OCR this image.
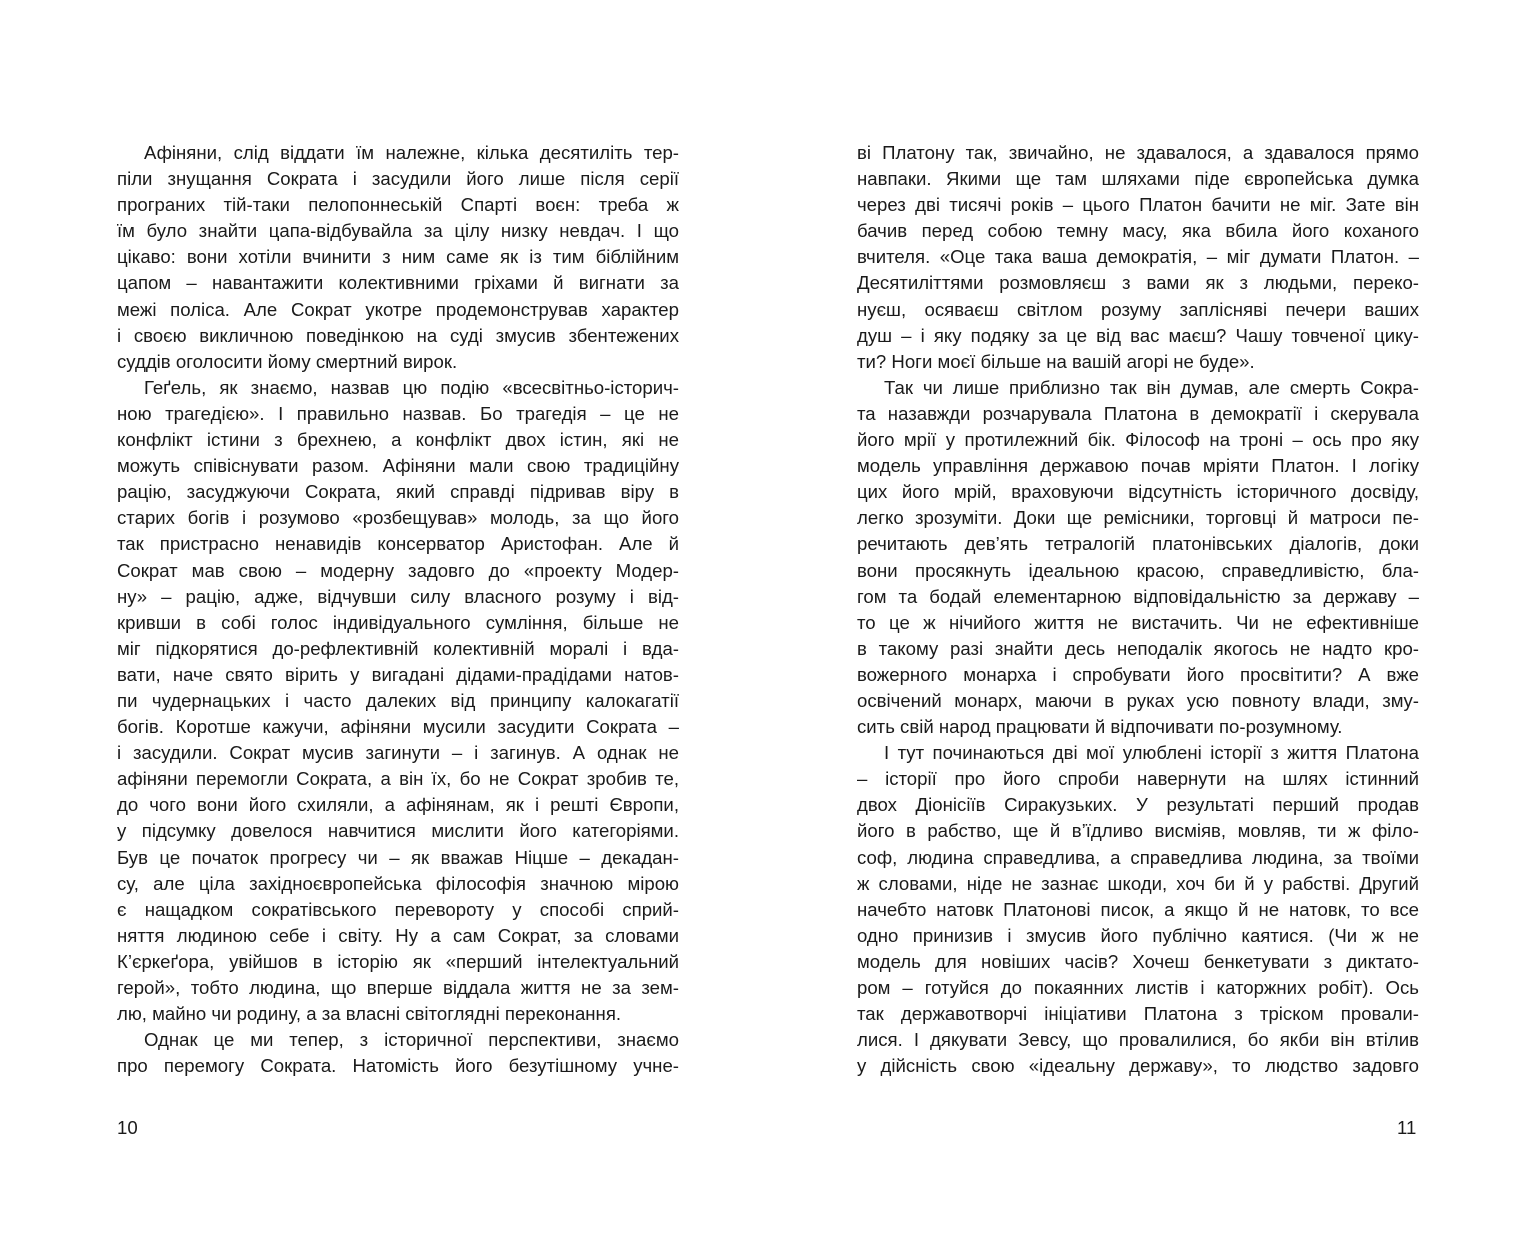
Афіняни, слід віддати їм належне, кілька десятиліть тер-
піли знущання Сократа і засудили його лише після серії
програних тій-таки пелопоннеській Спарті воєн: треба ж
їм було знайти цапа-відбувайла за цілу низку невдач. І що
цікаво: вони хотіли вчинити з ним саме як із тим біблійним
цапом – навантажити колективними гріхами й вигнати за
межі поліса. Але Сократ укотре продемонстрував характер
і своєю викличною поведінкою на суді змусив збентежених
суддів оголосити йому смертний вирок.
Геґель, як знаємо, назвав цю подію «всесвітньо-історич-
ною трагедією». І правильно назвав. Бо трагедія – це не
конфлікт істини з брехнею, а конфлікт двох істин, які не
можуть співіснувати разом. Афіняни мали свою традиційну
рацію, засуджуючи Сократа, який справді підривав віру в
старих богів і розумово «розбещував» молодь, за що його
так пристрасно ненавидів консерватор Аристофан. Але й
Сократ мав свою – модерну задовго до «проекту Модер-
ну» – рацію, адже, відчувши силу власного розуму і від-
кривши в собі голос індивідуального сумління, більше не
міг підкорятися до-рефлективній колективній моралі і вда-
вати, наче свято вірить у вигадані дідами-прадідами натов-
пи чудернацьких і часто далеких від принципу калокагатії
богів. Коротше кажучи, афіняни мусили засудити Сократа –
і засудили. Сократ мусив загинути – і загинув. А однак не
афіняни перемогли Сократа, а він їх, бо не Сократ зробив те,
до чого вони його схиляли, а афінянам, як і решті Європи,
у підсумку довелося навчитися мислити його категоріями.
Був це початок прогресу чи – як вважав Ніцше – декадан-
су, але ціла західноєвропейська філософія значною мірою
є нащадком сократівського перевороту у способі сприй-
няття людиною себе і світу. Ну а сам Сократ, за словами
К’єркеґора, увійшов в історію як «перший інтелектуальний
герой», тобто людина, що вперше віддала життя не за зем-
лю, майно чи родину, а за власні світоглядні переконання.
Однак це ми тепер, з історичної перспективи, знаємо
про перемогу Сократа. Натомість його безутішному учне-
ві Платону так, звичайно, не здавалося, а здавалося прямо
навпаки. Якими ще там шляхами піде європейська думка
через дві тисячі років – цього Платон бачити не міг. Зате він
бачив перед собою темну масу, яка вбила його коханого
вчителя. «Оце така ваша демократія, – міг думати Платон. –
Десятиліттями розмовляєш з вами як з людьми, переко-
нуєш, осяваєш світлом розуму заплісняві печери ваших
душ – і яку подяку за це від вас маєш? Чашу товченої цику-
ти? Ноги моєї більше на вашій агорі не буде».
Так чи лише приблизно так він думав, але смерть Сокра-
та назавжди розчарувала Платона в демократії і скерувала
його мрії у протилежний бік. Філософ на троні – ось про яку
модель управління державою почав мріяти Платон. І логіку
цих його мрій, враховуючи відсутність історичного досвіду,
легко зрозуміти. Доки ще ремісники, торговці й матроси пе-
речитають дев’ять тетралогій платонівських діалогів, доки
вони просякнуть ідеальною красою, справедливістю, бла-
гом та бодай елементарною відповідальністю за державу –
то це ж нічийого життя не вистачить. Чи не ефективніше
в такому разі знайти десь неподалік якогось не надто кро-
вожерного монарха і спробувати його просвітити? А вже
освічений монарх, маючи в руках усю повноту влади, змy-
сить свій народ працювати й відпочивати по-розумному.
І тут починаються дві мої улюблені історії з життя Платона
– історії про його спроби навернути на шлях істинний
двох Діонісіїв Сиракузьких. У результаті перший продав
його в рабство, ще й в’їдливо висміяв, мовляв, ти ж філо-
соф, людина справедлива, а справедлива людина, за твоїми
ж словами, ніде не зазнає шкоди, хоч би й у рабстві. Другий
начебто натовк Платонові писок, а якщо й не натовк, то все
одно принизив і змусив його публічно каятися. (Чи ж не
модель для новіших часів? Хочеш бенкетувати з диктато-
ром – готуйся до покаянних листів і каторжних робіт). Ось
так державотворчі ініціативи Платона з тріском провали-
лися. І дякувати Зевсу, що провалилися, бо якби він втілив
у дійсність свою «ідеальну державу», то людство задовго
10	11
